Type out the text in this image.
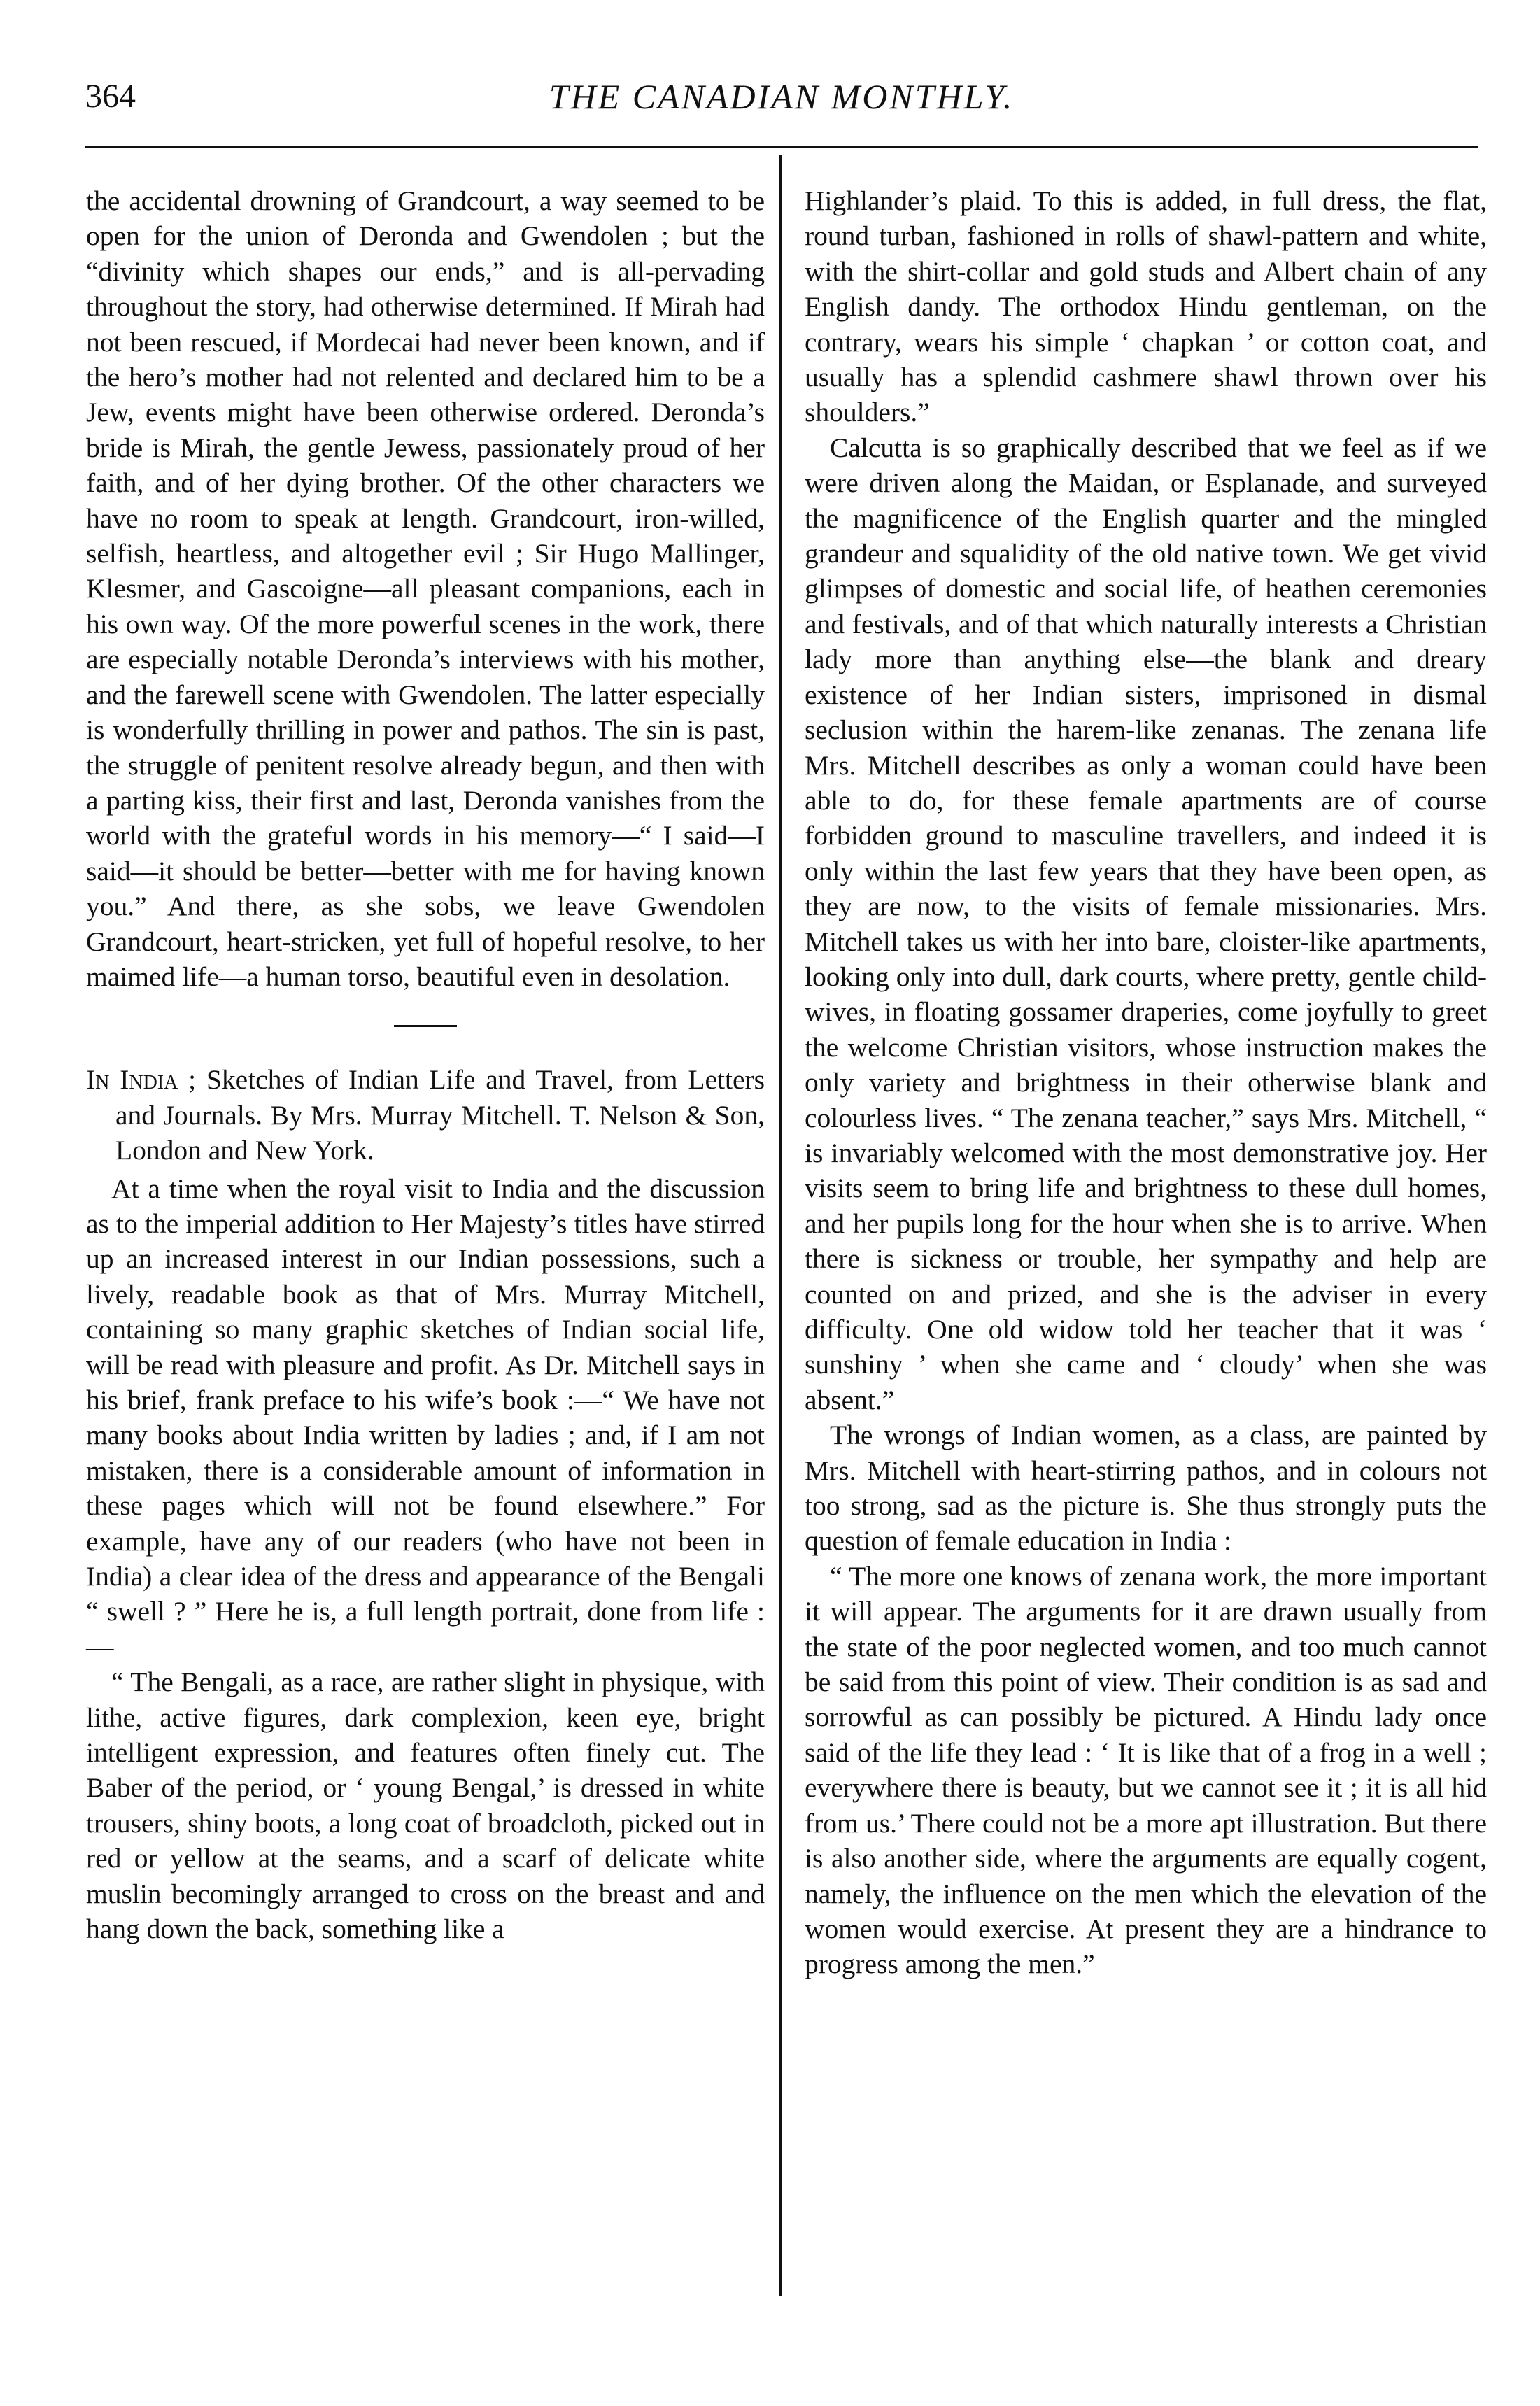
364	THE CANADIAN MONTHLY.

the accidental drowning of Grandcourt, a way seemed to be open for the union of Deronda and Gwendolen ; but the “divinity which shapes our ends,” and is all-pervading throughout the story, had otherwise determined. If Mirah had not been rescued, if Mordecai had never been known, and if the hero’s mother had not relented and declared him to be a Jew, events might have been otherwise ordered. Deronda’s bride is Mirah, the gentle Jewess, passionately proud of her faith, and of her dying brother. Of the other characters we have no room to speak at length. Grandcourt, iron-willed, selfish, heartless, and altogether evil ; Sir Hugo Mallinger, Klesmer, and Gascoigne—all pleasant companions, each in his own way. Of the more powerful scenes in the work, there are especially notable Deronda’s interviews with his mother, and the farewell scene with Gwendolen. The latter especially is wonderfully thrilling in power and pathos. The sin is past, the struggle of penitent resolve already begun, and then with a parting kiss, their first and last, Deronda vanishes from the world with the grateful words in his memory—“ I said—I said—it should be better—better with me for having known you.” And there, as she sobs, we leave Gwendolen Grandcourt, heart-stricken, yet full of hopeful resolve, to her maimed life—a human torso, beautiful even in desolation.

In India ; Sketches of Indian Life and Travel, from Letters and Journals. By Mrs. Murray Mitchell. T. Nelson & Son, London and New York.

At a time when the royal visit to India and the discussion as to the imperial addition to Her Majesty’s titles have stirred up an increased interest in our Indian possessions, such a lively, readable book as that of Mrs. Murray Mitchell, containing so many graphic sketches of Indian social life, will be read with pleasure and profit. As Dr. Mitchell says in his brief, frank preface to his wife’s book :—“ We have not many books about India written by ladies ; and, if I am not mistaken, there is a considerable amount of information in these pages which will not be found elsewhere.” For example, have any of our readers (who have not been in India) a clear idea of the dress and appearance of the Bengali “ swell ? ” Here he is, a full length portrait, done from life :—

“ The Bengali, as a race, are rather slight in physique, with lithe, active figures, dark complexion, keen eye, bright intelligent expression, and features often finely cut. The Baber of the period, or ‘ young Bengal,’ is dressed in white trousers, shiny boots, a long coat of broadcloth, picked out in red or yellow at the seams, and a scarf of delicate white muslin becomingly arranged to cross on the breast and and hang down the back, something like a

Highlander’s plaid. To this is added, in full dress, the flat, round turban, fashioned in rolls of shawl-pattern and white, with the shirt-collar and gold studs and Albert chain of any English dandy. The orthodox Hindu gentleman, on the contrary, wears his simple ‘ chapkan ’ or cotton coat, and usually has a splendid cashmere shawl thrown over his shoulders.”

Calcutta is so graphically described that we feel as if we were driven along the Maidan, or Esplanade, and surveyed the magnificence of the English quarter and the mingled grandeur and squalidity of the old native town. We get vivid glimpses of domestic and social life, of heathen ceremonies and festivals, and of that which naturally interests a Christian lady more than anything else—the blank and dreary existence of her Indian sisters, imprisoned in dismal seclusion within the harem-like zenanas. The zenana life Mrs. Mitchell describes as only a woman could have been able to do, for these female apartments are of course forbidden ground to masculine travellers, and indeed it is only within the last few years that they have been open, as they are now, to the visits of female missionaries. Mrs. Mitchell takes us with her into bare, cloister-like apartments, looking only into dull, dark courts, where pretty, gentle child-wives, in floating gossamer draperies, come joyfully to greet the welcome Christian visitors, whose instruction makes the only variety and brightness in their otherwise blank and colourless lives. “ The zenana teacher,” says Mrs. Mitchell, “ is invariably welcomed with the most demonstrative joy. Her visits seem to bring life and brightness to these dull homes, and her pupils long for the hour when she is to arrive. When there is sickness or trouble, her sympathy and help are counted on and prized, and she is the adviser in every difficulty. One old widow told her teacher that it was ‘ sunshiny ’ when she came and ‘ cloudy’ when she was absent.”

The wrongs of Indian women, as a class, are painted by Mrs. Mitchell with heart-stirring pathos, and in colours not too strong, sad as the picture is. She thus strongly puts the question of female education in India :

“ The more one knows of zenana work, the more important it will appear. The arguments for it are drawn usually from the state of the poor neglected women, and too much cannot be said from this point of view. Their condition is as sad and sorrowful as can possibly be pictured. A Hindu lady once said of the life they lead : ‘ It is like that of a frog in a well ; everywhere there is beauty, but we cannot see it ; it is all hid from us.’ There could not be a more apt illustration. But there is also another side, where the arguments are equally cogent, namely, the influence on the men which the elevation of the women would exercise. At present they are a hindrance to progress among the men.”
